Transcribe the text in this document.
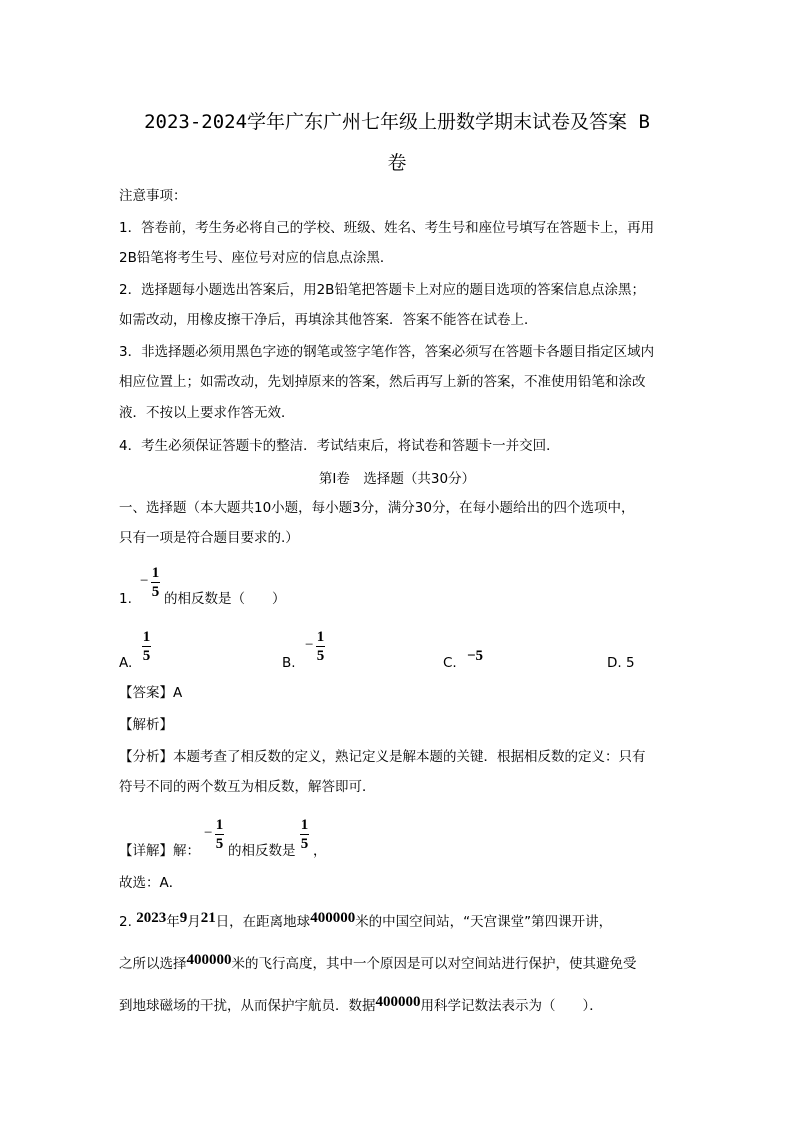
2023-2024学年广东广州七年级上册数学期末试卷及答案 B
卷
注意事项：
1．答卷前，考生务必将自己的学校、班级、姓名、考生号和座位号填写在答题卡上，再用
2B铅笔将考生号、座位号对应的信息点涂黑．
2．选择题每小题选出答案后，用2B铅笔把答题卡上对应的题目选项的答案信息点涂黑；
如需改动，用橡皮擦干净后，再填涂其他答案．答案不能答在试卷上．
3．非选择题必须用黑色字迹的钢笔或签字笔作答，答案必须写在答题卡各题目指定区域内
相应位置上；如需改动，先划掉原来的答案，然后再写上新的答案，不准使用铅笔和涂改
液．不按以上要求作答无效．
4．考生必须保证答题卡的整洁．考试结束后，将试卷和答题卡一并交回．
第Ⅰ卷　选择题（共30分）
一、选择题（本大题共10小题，每小题3分，满分30分，在每小题给出的四个选项中，
只有一项是符合题目要求的.）
1.
− 1
5 的相反数是（　　）
A.
1
5	B.
− 1
5	C. −5	D. 5
【答案】A
【解析】
【分析】本题考查了相反数的定义，熟记定义是解本题的关键．根据相反数的定义：只有
符号不同的两个数互为相反数，解答即可．
【详解】解：
− 1
5 的相反数是
1
5 ，
故选：A．
2. 2023年9月21日，在距离地球400000米的中国空间站，“天宫课堂”第四课开讲，
之所以选择400000米的飞行高度，其中一个原因是可以对空间站进行保护，使其避免受
到地球磁场的干扰，从而保护宇航员．数据400000用科学记数法表示为（　　）．
